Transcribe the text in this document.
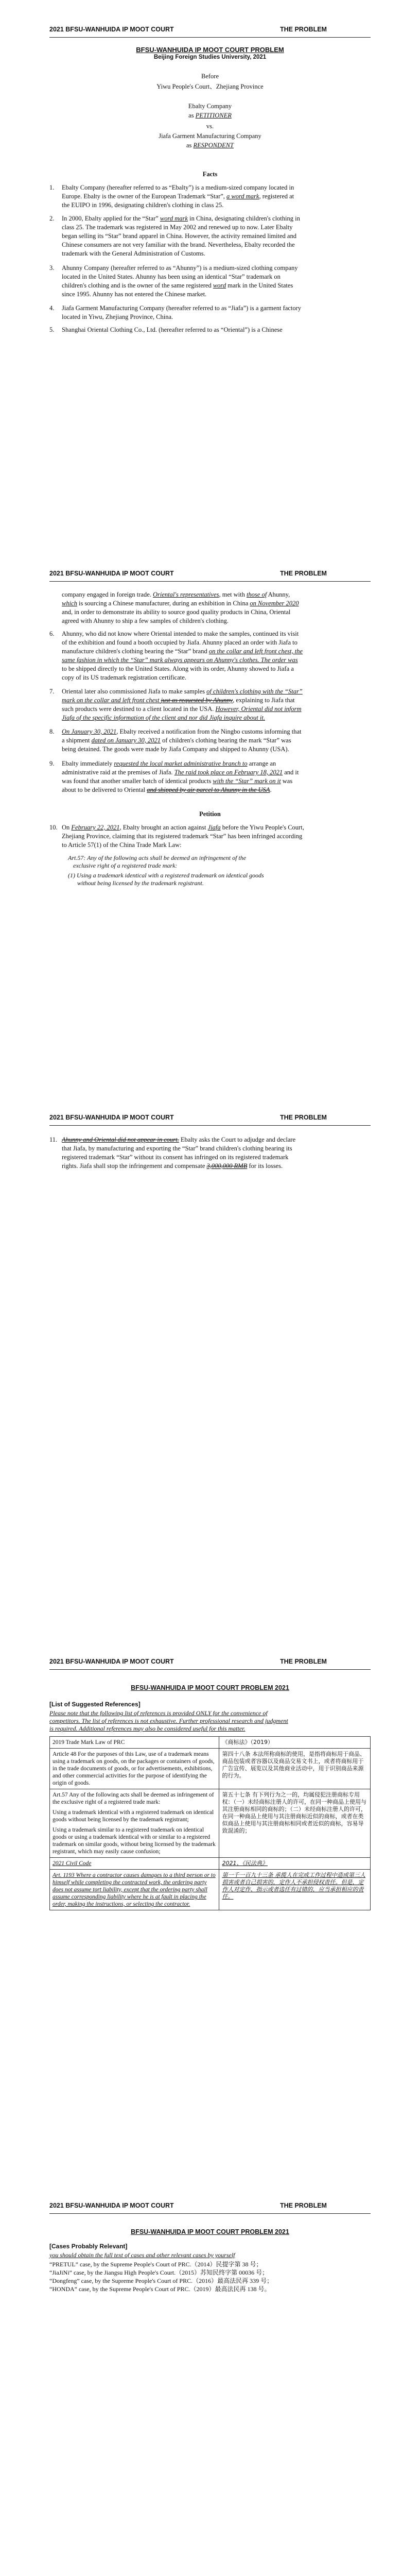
2021 BFSU-WANHUIDA IP MOOT COURT	THE PROBLEM
BFSU-WANHUIDA IP MOOT COURT PROBLEM
Beijing Foreign Studies University, 2021
Before
Yiwu People's Court、Zhejiang Province
Ebalty Company
as PETITIONER
vs.
Jiafa Garment Manufacturing Company
as RESPONDENT
Facts
1. Ebalty Company (hereafter referred to as “Ebalty”) is a medium-sized company located in
Europe. Ebalty is the owner of the European Trademark “Star”, a word mark, registered at
the EUIPO in 1996, designating children's clothing in class 25.
2. In 2000, Ebalty applied for the “Star” word mark in China, designating children's clothing in
class 25. The trademark was registered in May 2002 and renewed up to now. Later Ebalty
began selling its “Star” brand apparel in China. However, the activity remained limited and
Chinese consumers are not very familiar with the brand. Nevertheless, Ebalty recorded the
trademark with the General Administration of Customs.
3. Ahunny Company (hereafter referred to as “Ahunny”) is a medium-sized clothing company
located in the United States. Ahunny has been using an identical “Star” trademark on
children's clothing and is the owner of the same registered word mark in the United States
since 1995. Ahunny has not entered the Chinese market.
4. Jiafa Garment Manufacturing Company (hereafter referred to as “Jiafa”) is a garment factory
located in Yiwu, Zhejiang Province, China.
5. Shanghai Oriental Clothing Co., Ltd. (hereafter referred to as “Oriental”) is a Chinese
2021 BFSU-WANHUIDA IP MOOT COURT	THE PROBLEM
company engaged in foreign trade. Oriental's representatives, met with those of Ahunny,
which is sourcing a Chinese manufacturer, during an exhibition in China on November 2020
and, in order to demonstrate its ability to source good quality products in China, Oriental
agreed with Ahunny to ship a few samples of children's clothing.
6. Ahunny, who did not know where Oriental intended to make the samples, continued its visit
of the exhibition and found a booth occupied by Jiafa. Ahunny placed an order with Jiafa to
manufacture children's clothing bearing the “Star” brand on the collar and left front chest, the
same fashion in which the “Star” mark always appears on Ahunny's clothes. The order was
to be shipped directly to the United States. Along with its order, Ahunny showed to Jiafa a
copy of its US trademark registration certificate.
7. Oriental later also commissioned Jiafa to make samples of children's clothing with the “Star”
mark on the collar and left front chest just as requested by Ahunny, explaining to Jiafa that
such products were destined to a client located in the USA. However, Oriental did not inform
Jiafa of the specific information of the client and nor did Jiafa inquire about it.
8. On January 30, 2021, Ebalty received a notification from the Ningbo customs informing that
a shipment dated on January 30, 2021 of children's clothing bearing the mark “Star” was
being detained. The goods were made by Jiafa Company and shipped to Ahunny (USA).
9. Ebalty immediately requested the local market administrative branch to arrange an
administrative raid at the premises of Jiafa. The raid took place on February 18, 2021 and it
was found that another smaller batch of identical products with the “Star” mark on it was
about to be delivered to Oriental and shipped by air parcel to Ahunny in the USA.
Petition
10. On February 22, 2021, Ebalty brought an action against Jiafa before the Yiwu People's Court,
Zhejiang Province, claiming that its registered trademark “Star” has been infringed according
to Article 57(1) of the China Trade Mark Law:
Art.57: Any of the following acts shall be deemed an infringement of the
exclusive right of a registered trade mark:
(1) Using a trademark identical with a registered trademark on identical goods
without being licensed by the trademark registrant.
2021 BFSU-WANHUIDA IP MOOT COURT	THE PROBLEM
11. Ahunny and Oriental did not appear in court. Ebalty asks the Court to adjudge and declare
that Jiafa, by manufacturing and exporting the “Star” brand children's clothing bearing its
registered trademark “Star” without its consent has infringed on its registered trademark
rights. Jiafa shall stop the infringement and compensate 3,000,000 RMB for its losses.
2021 BFSU-WANHUIDA IP MOOT COURT	THE PROBLEM
BFSU-WANHUIDA IP MOOT COURT PROBLEM 2021
[List of Suggested References]
Please note that the following list of references is provided ONLY for the convenience of
competitors. The list of references is not exhaustive. Further professional research and judgment
is required. Additional references may also be considered useful for this matter.
2019 Trade Mark Law of PRC	《商标法》（2019）
Article 48 For the purposes of this Law, use of a trademark means using a trademark on goods, on the packages or containers of goods, in the trade documents of goods, or for advertisements, exhibitions, and other commercial activities for the purpose of identifying the origin of goods.	第四十八条 本法所称商标的使用，是指将商标用于商品、商品包装或者容器以及商品交易文书上，或者将商标用于广告宣传、展览以及其他商业活动中，用于识别商品来源的行为。

Art.57 Any of the following acts shall be deemed as infringement of the exclusive right of a registered trade mark:
Using a trademark identical with a registered trademark on identical goods without being licensed by the trademark registrant;
Using a trademark similar to a registered trademark on identical goods or using a trademark identical with or similar to a registered trademark on similar goods, without being licensed by the trademark registrant, which may easily cause confusion;	第五十七条 有下列行为之一的，均属侵犯注册商标专用权：（一）未经商标注册人的许可，在同一种商品上使用与其注册商标相同的商标的；（二）未经商标注册人的许可，在同一种商品上使用与其注册商标近似的商标，或者在类似商品上使用与其注册商标相同或者近似的商标，容易导致混淆的；
2021 Civil Code	2021、《民法典》
Art. 1193 Where a contractor causes damages to a third person or to himself while completing the contracted work, the ordering party does not assume tort liability, except that the ordering party shall assume corresponding liability where he is at fault in placing the order, making the instructions, or selecting the contractor.	第一千一百九十三条 承揽人在完成工作过程中造成第三人损害或者自己损害的，定作人不承担侵权责任。但是，定作人对定作、指示或者选任有过错的，应当承担相应的责任。
2021 BFSU-WANHUIDA IP MOOT COURT	THE PROBLEM
BFSU-WANHUIDA IP MOOT COURT PROBLEM 2021
[Cases Probably Relevant]
you should obtain the full text of cases and other relevant cases by yourself
“PRETUL” case, by the Supreme People's Court of PRC.（2014）民提字第 38 号；
“JiaJiNi” case, by the Jiangsu High People's Court.（2015）苏知民终字第 00036 号；
“Dongfeng” case, by the Supreme People's Court of PRC.（2016）最高法民再 339 号；
“HONDA” case, by the Supreme People's Court of PRC.（2019）最高法民再 138 号。
